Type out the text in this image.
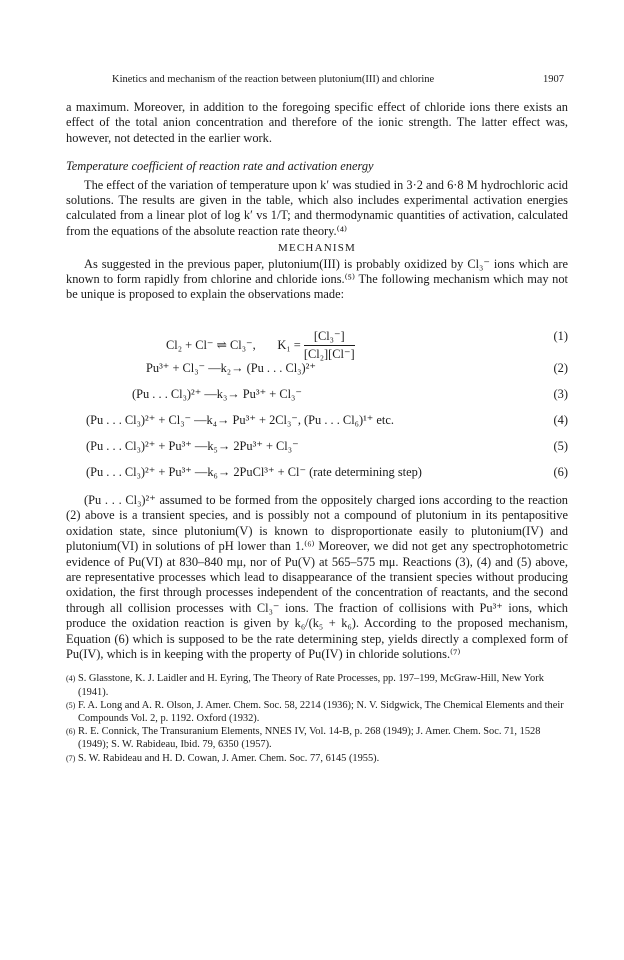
Kinetics and mechanism of the reaction between plutonium(III) and chlorine	1907

a maximum. Moreover, in addition to the foregoing specific effect of chloride ions there exists an effect of the total anion concentration and therefore of the ionic strength. The latter effect was, however, not detected in the earlier work.

Temperature coefficient of reaction rate and activation energy

The effect of the variation of temperature upon k′ was studied in 3·2 and 6·8 M hydrochloric acid solutions. The results are given in the table, which also includes experimental activation energies calculated from a linear plot of log k′ vs 1/T; and thermodynamic quantities of activation, calculated from the equations of the absolute reaction rate theory.⁽⁴⁾

MECHANISM

As suggested in the previous paper, plutonium(III) is probably oxidized by Cl₃⁻ ions which are known to form rapidly from chlorine and chloride ions.⁽⁵⁾ The following mechanism which may not be unique is proposed to explain the observations made:

Cl₂ + Cl⁻ ⇌ Cl₃⁻, $K_1 = \frac{\text{[Cl₃⁻]}}{\text{[Cl₂][Cl⁻]}}$	(1)
Pu³⁺ + Cl₃⁻ —k₂→ (Pu . . . Cl₃)²⁺	(2)
(Pu . . . Cl₃)²⁺ —k₃→ Pu³⁺ + Cl₃⁻	(3)
(Pu . . . Cl₃)²⁺ + Cl₃⁻ —k₄→ Pu³⁺ + 2Cl₃⁻, (Pu . . . Cl₆)¹⁺ etc.	(4)
(Pu . . . Cl₃)²⁺ + Pu³⁺ —k₅→ 2Pu³⁺ + Cl₃⁻	(5)
(Pu . . . Cl₃)²⁺ + Pu³⁺ —k₆→ 2PuCl³⁺ + Cl⁻ (rate determining step)	(6)

(Pu . . . Cl₃)²⁺ assumed to be formed from the oppositely charged ions according to the reaction (2) above is a transient species, and is possibly not a compound of plutonium in its pentapositive oxidation state, since plutonium(V) is known to disproportionate easily to plutonium(IV) and plutonium(VI) in solutions of pH lower than 1.⁽⁶⁾ Moreover, we did not get any spectrophotometric evidence of Pu(VI) at 830–840 mμ, nor of Pu(V) at 565–575 mμ. Reactions (3), (4) and (5) above, are representative processes which lead to disappearance of the transient species without producing oxidation, the first through processes independent of the concentration of reactants, and the second through all collision processes with Cl₃⁻ ions. The fraction of collisions with Pu³⁺ ions, which produce the oxidation reaction is given by k₆/(k₅ + k₆). According to the proposed mechanism, Equation (6) which is supposed to be the rate determining step, yields directly a complexed form of Pu(IV), which is in keeping with the property of Pu(IV) in chloride solutions.⁽⁷⁾

(4) S. Glasstone, K. J. Laidler and H. Eyring, The Theory of Rate Processes, pp. 197–199, McGraw-Hill, New York (1941).

(5) F. A. Long and A. R. Olson, J. Amer. Chem. Soc. 58, 2214 (1936); N. V. Sidgwick, The Chemical Elements and their Compounds Vol. 2, p. 1192. Oxford (1932).

(6) R. E. Connick, The Transuranium Elements, NNES IV, Vol. 14-B, p. 268 (1949); J. Amer. Chem. Soc. 71, 1528 (1949); S. W. Rabideau, Ibid. 79, 6350 (1957).

(7) S. W. Rabideau and H. D. Cowan, J. Amer. Chem. Soc. 77, 6145 (1955).
